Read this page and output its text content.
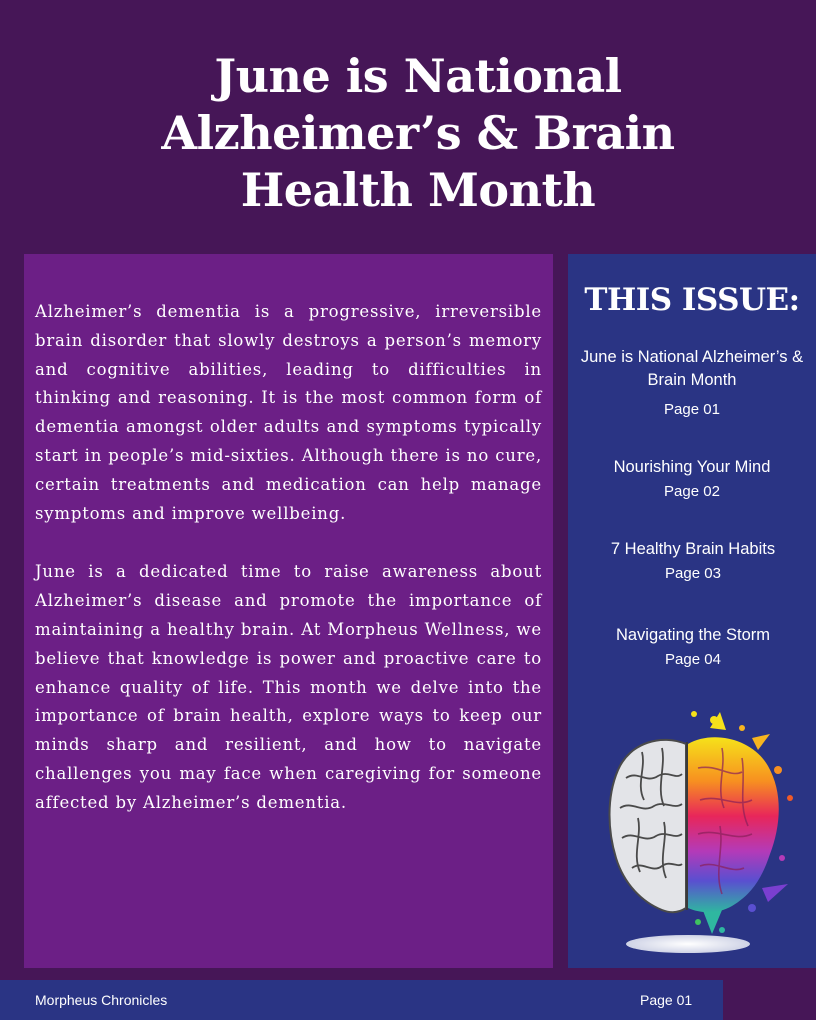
June is National
Alzheimer’s & Brain
Health Month

Alzheimer’s dementia is a progressive, irreversible brain disorder that slowly destroys a person’s memory and cognitive abilities, leading to difficulties in thinking and reasoning. It is the most common form of dementia amongst older adults and symptoms typically start in people’s mid-sixties. Although there is no cure, certain treatments and medication can help manage symptoms and improve wellbeing.

June is a dedicated time to raise awareness about Alzheimer’s disease and promote the importance of maintaining a healthy brain. At Morpheus Wellness, we believe that knowledge is power and proactive care to enhance quality of life. This month we delve into the importance of brain health, explore ways to keep our minds sharp and resilient, and how to navigate challenges you may face when caregiving for someone affected by Alzheimer’s dementia.

THIS ISSUE:
June is National Alzheimer’s & Brain Month
Page 01
Nourishing Your Mind
Page 02
7 Healthy Brain Habits
Page 03
Navigating the Storm
Page 04
Morpheus Chronicles	Page 01
